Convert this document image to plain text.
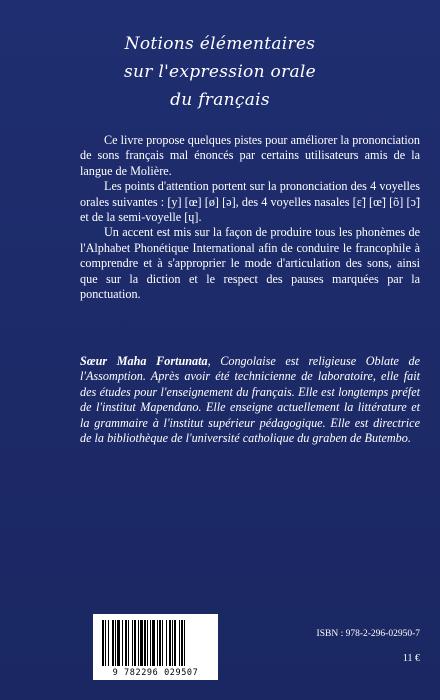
Notions élémentaires
sur l'expression orale
du français

Ce livre propose quelques pistes pour améliorer la prononciation de sons français mal énoncés par certains utilisateurs amis de la langue de Molière.

Les points d'attention portent sur la prononciation des 4 voyelles orales suivantes : [y] [œ] [ø] [ə], des 4 voyelles nasales [ɛ̃] [œ̃] [õ] [ɔ̃] et de la semi-voyelle [ɥ].

Un accent est mis sur la façon de produire tous les phonèmes de l'Alphabet Phonétique International afin de conduire le francophile à comprendre et à s'approprier le mode d'articulation des sons, ainsi que sur la diction et le respect des pauses marquées par la ponctuation.

Sœur Maha Fortunata, Congolaise est religieuse Oblate de l'Assomption. Après avoir été technicienne de laboratoire, elle fait des études pour l'enseignement du français. Elle est longtemps préfet de l'institut Mapendano. Elle enseigne actuellement la littérature et la grammaire à l'institut supérieur pédagogique. Elle est directrice de la bibliothèque de l'université catholique du graben de Butembo.

9 782296 029507
ISBN : 978-2-296-02950-7
11 €
